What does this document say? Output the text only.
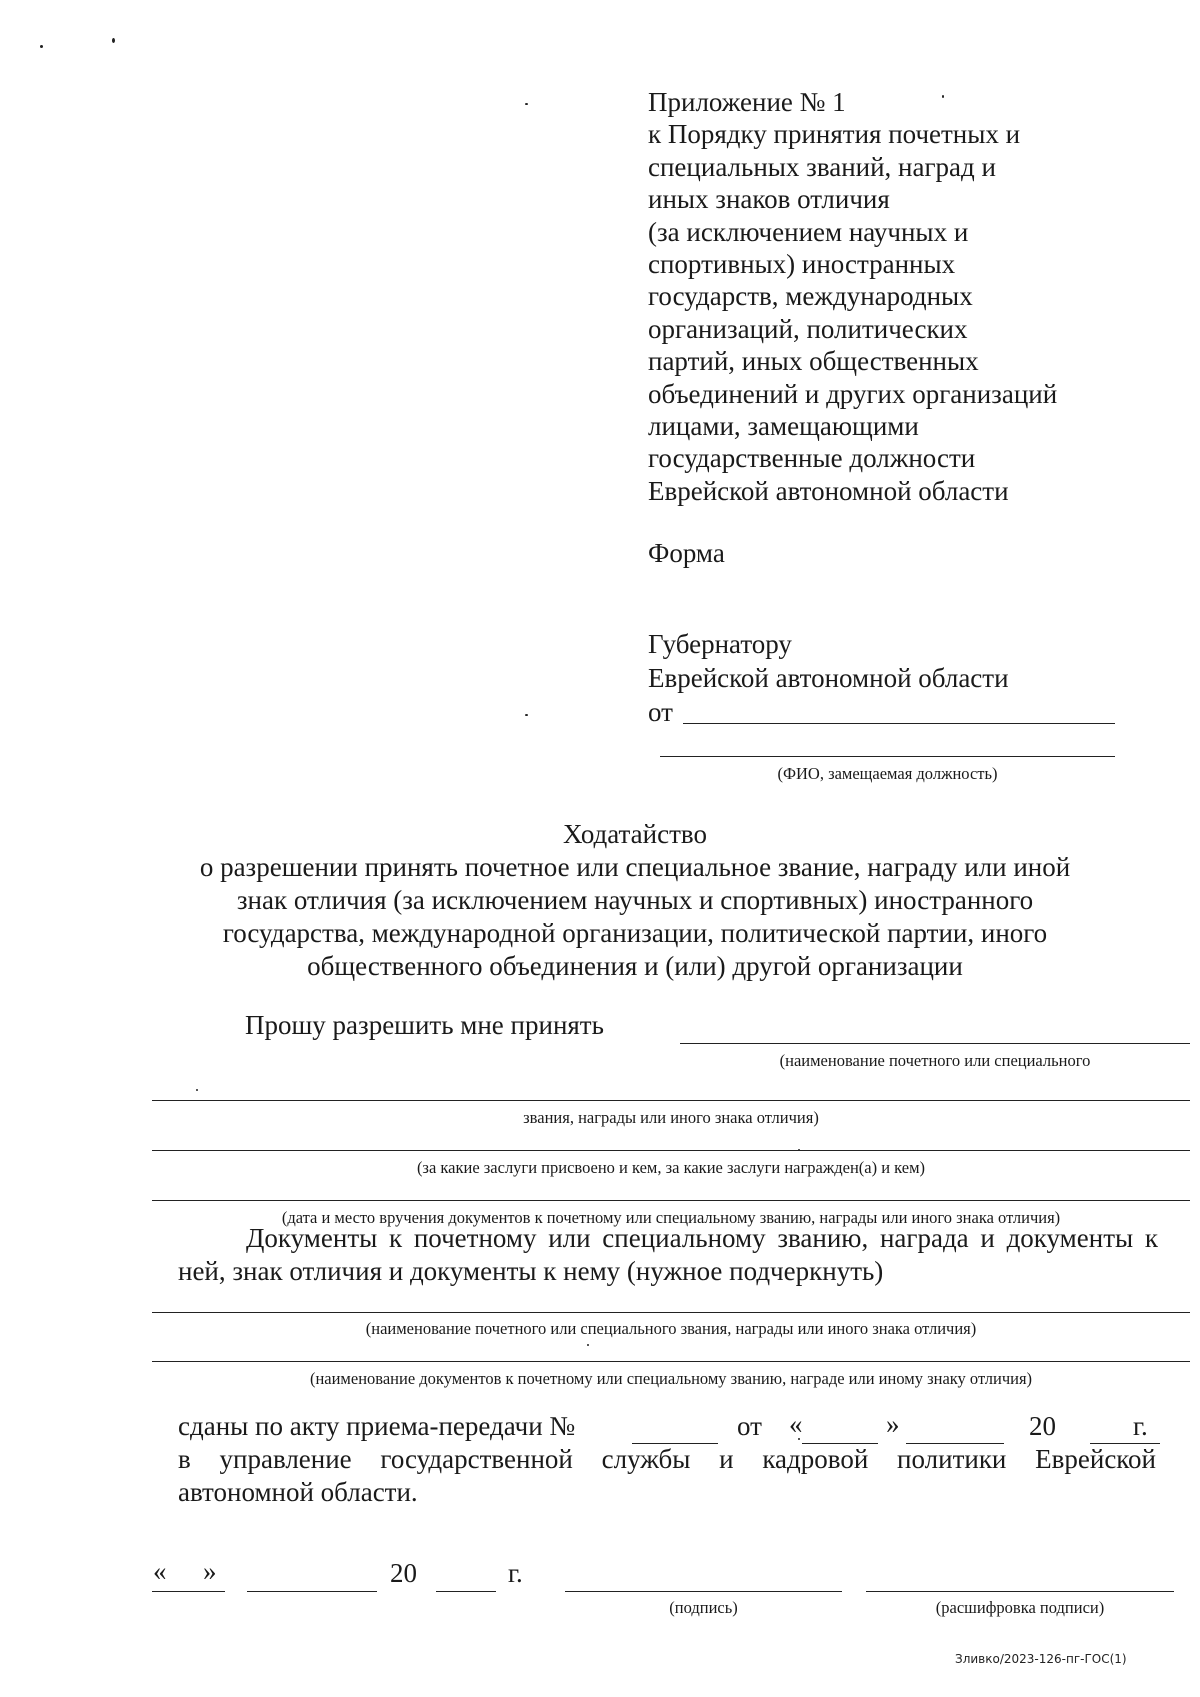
Приложение № 1
к Порядку принятия почетных и
специальных званий, наград и
иных знаков отличия
(за исключением научных и
спортивных) иностранных
государств, международных
организаций, политических
партий, иных общественных
объединений и других организаций
лицами, замещающими
государственные должности
Еврейской автономной области
Форма
Губернатору
Еврейской автономной области
от
(ФИО, замещаемая должность)
Ходатайство
о разрешении принять почетное или специальное звание, награду или иной
знак отличия (за исключением научных и спортивных) иностранного
государства, международной организации, политической партии, иного
общественного объединения и (или) другой организации
Прошу разрешить мне принять
(наименование почетного или специального
звания, награды или иного знака отличия)
(за какие заслуги присвоено и кем, за какие заслуги награжден(а) и кем)
(дата и место вручения документов к почетному или специальному званию, награды или иного знака отличия)
Документы к почетному или специальному званию, награда и документы к
ней, знак отличия и документы к нему (нужное подчеркнуть)
(наименование почетного или специального звания, награды или иного знака отличия)
(наименование документов к почетному или специальному званию, награде или иному знаку отличия)
сданы по акту приема-передачи №	от «	»	20	г.
в управление государственной службы и кадровой политики Еврейской
автономной области.
« »	20	г.
(подпись)	(расшифровка подписи)
Зливко/2023-126-пг-ГОС(1)
